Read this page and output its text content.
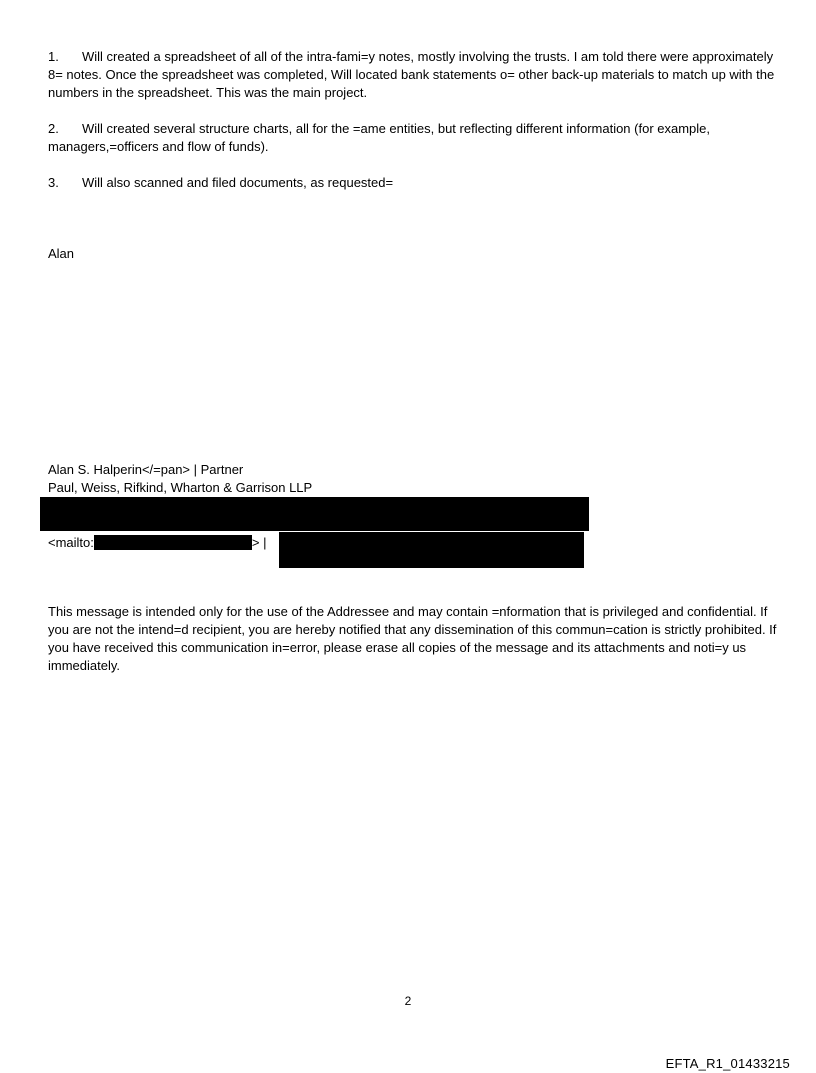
1. Will created a spreadsheet of all of the intra-fami=y notes, mostly involving the trusts. I am told there were approximately 8= notes. Once the spreadsheet was completed, Will located bank statements o= other back-up materials to match up with the numbers in the spreadsheet. This was the main project.

2. Will created several structure charts, all for the =ame entities, but reflecting different information (for example, managers,=officers and flow of funds).

3. Will also scanned and filed documents, as requested=

Alan

Alan S. Halperin</=pan> | Partner

Paul, Weiss, Rifkind, Wharton & Garrison LLP

<mailto:	> |

This message is intended only for the use of the Addressee and may contain =nformation that is privileged and confidential. If you are not the intend=d recipient, you are hereby notified that any dissemination of this commun=cation is strictly prohibited. If you have received this communication in=error, please erase all copies of the message and its attachments and noti=y us immediately.

2
EFTA_R1_01433215
